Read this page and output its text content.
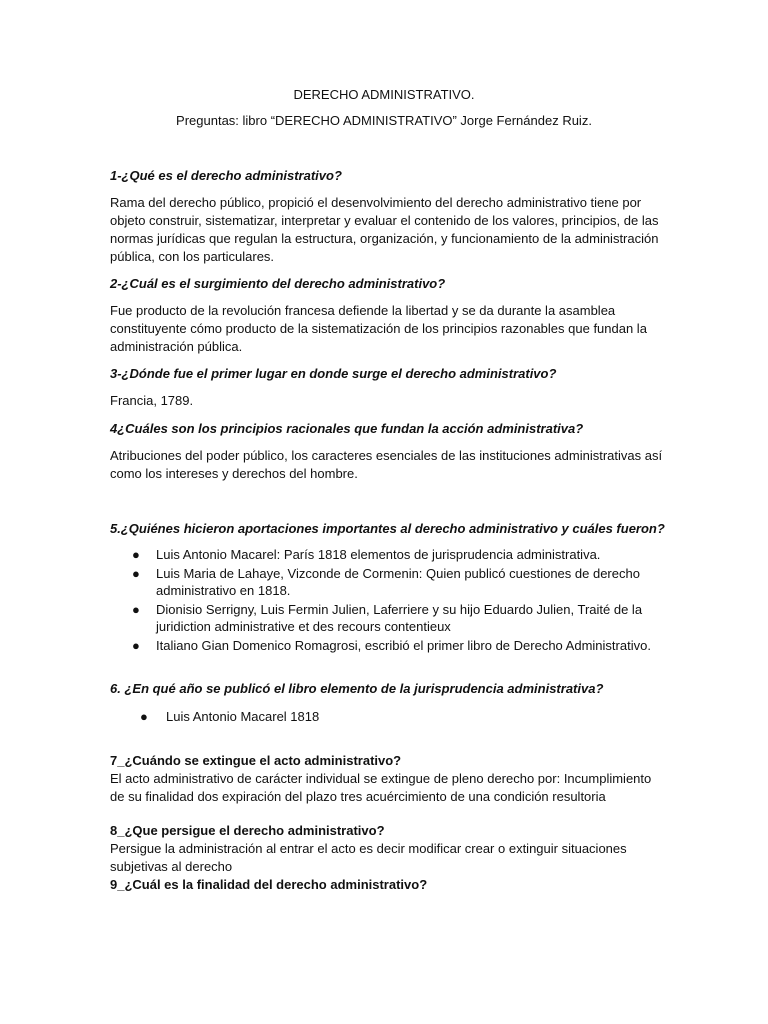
DERECHO ADMINISTRATIVO.
Preguntas: libro “DERECHO ADMINISTRATIVO” Jorge Fernández Ruiz.
1-¿Qué es el derecho administrativo?
Rama del derecho público, propició el desenvolvimiento del derecho administrativo tiene por objeto construir, sistematizar, interpretar y evaluar el contenido de los valores, principios, de las normas jurídicas que regulan la estructura, organización, y funcionamiento de la administración pública, con los particulares.
2-¿Cuál es el surgimiento del derecho administrativo?
Fue producto de la revolución francesa defiende la libertad y se da durante la asamblea constituyente cómo producto de la sistematización de los principios razonables que fundan la administración pública.
3-¿Dónde fue el primer lugar en donde surge el derecho administrativo?
Francia, 1789.
4¿Cuáles son los principios racionales que fundan la acción administrativa?
Atribuciones del poder público, los caracteres esenciales de las instituciones administrativas así como los intereses y derechos del hombre.
5.¿Quiénes hicieron aportaciones importantes al derecho administrativo y cuáles fueron?
● Luis Antonio Macarel: París 1818 elementos de jurisprudencia administrativa.
● Luis Maria de Lahaye, Vizconde de Cormenin: Quien publicó cuestiones de derecho administrativo en 1818.
● Dionisio Serrigny, Luis Fermin Julien, Laferriere y su hijo Eduardo Julien, Traité de la juridiction administrative et des recours contentieux
● Italiano Gian Domenico Romagrosi, escribió el primer libro de Derecho Administrativo.
6. ¿En qué año se publicó el libro elemento de la jurisprudencia administrativa?
● Luis Antonio Macarel 1818
7_¿Cuándo se extingue el acto administrativo?
El acto administrativo de carácter individual se extingue de pleno derecho por: Incumplimiento de su finalidad dos expiración del plazo tres acuércimiento de una condición resultoria
8_¿Que persigue el derecho administrativo?
Persigue la administración al entrar el acto es decir modificar crear o extinguir situaciones subjetivas al derecho
9_¿Cuál es la finalidad del derecho administrativo?
